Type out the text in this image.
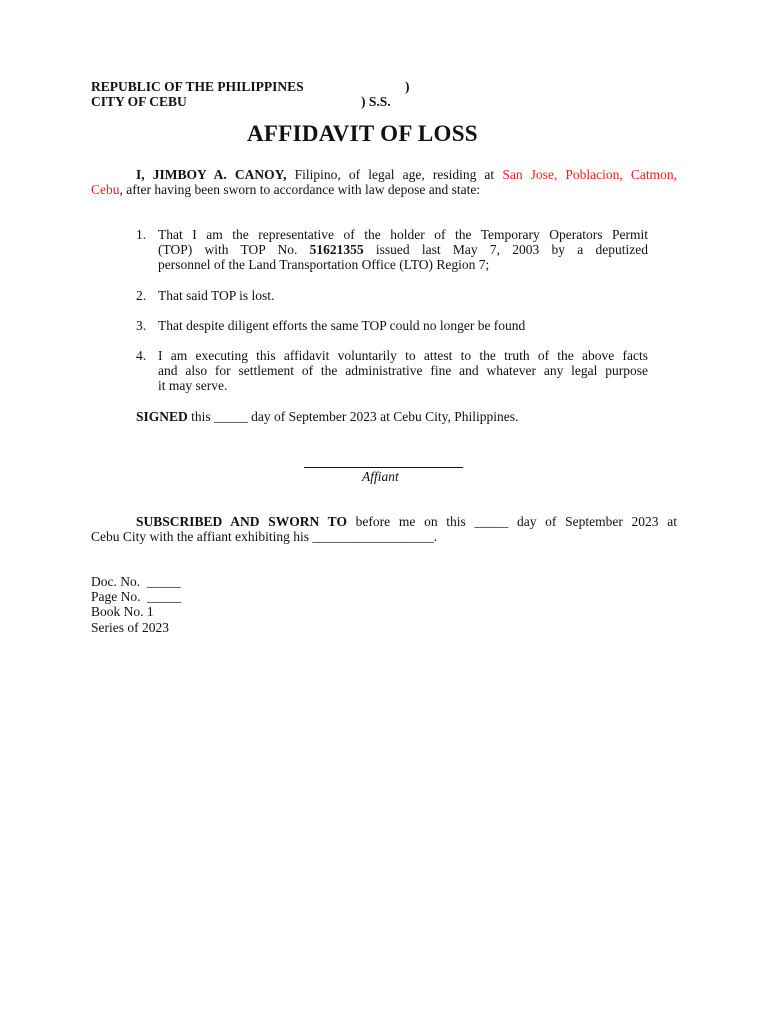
REPUBLIC OF THE PHILIPPINES	)
CITY OF CEBU	) S.S.
AFFIDAVIT OF LOSS
I, JIMBOY A. CANOY, Filipino, of legal age, residing at San Jose, Poblacion, Catmon,
Cebu, after having been sworn to accordance with law depose and state:
1. That I am the representative of the holder of the Temporary Operators Permit
(TOP) with TOP No. 51621355 issued last May 7, 2003 by a deputized
personnel of the Land Transportation Office (LTO) Region 7;
2. That said TOP is lost.
3. That despite diligent efforts the same TOP could no longer be found
4. I am executing this affidavit voluntarily to attest to the truth of the above facts
and also for settlement of the administrative fine and whatever any legal purpose
it may serve.
SIGNED this _____ day of September 2023 at Cebu City, Philippines.
Affiant
SUBSCRIBED AND SWORN TO before me on this _____ day of September 2023 at
Cebu City with the affiant exhibiting his __________________.
Doc. No.  _____
Page No.  _____
Book No. 1
Series of 2023
